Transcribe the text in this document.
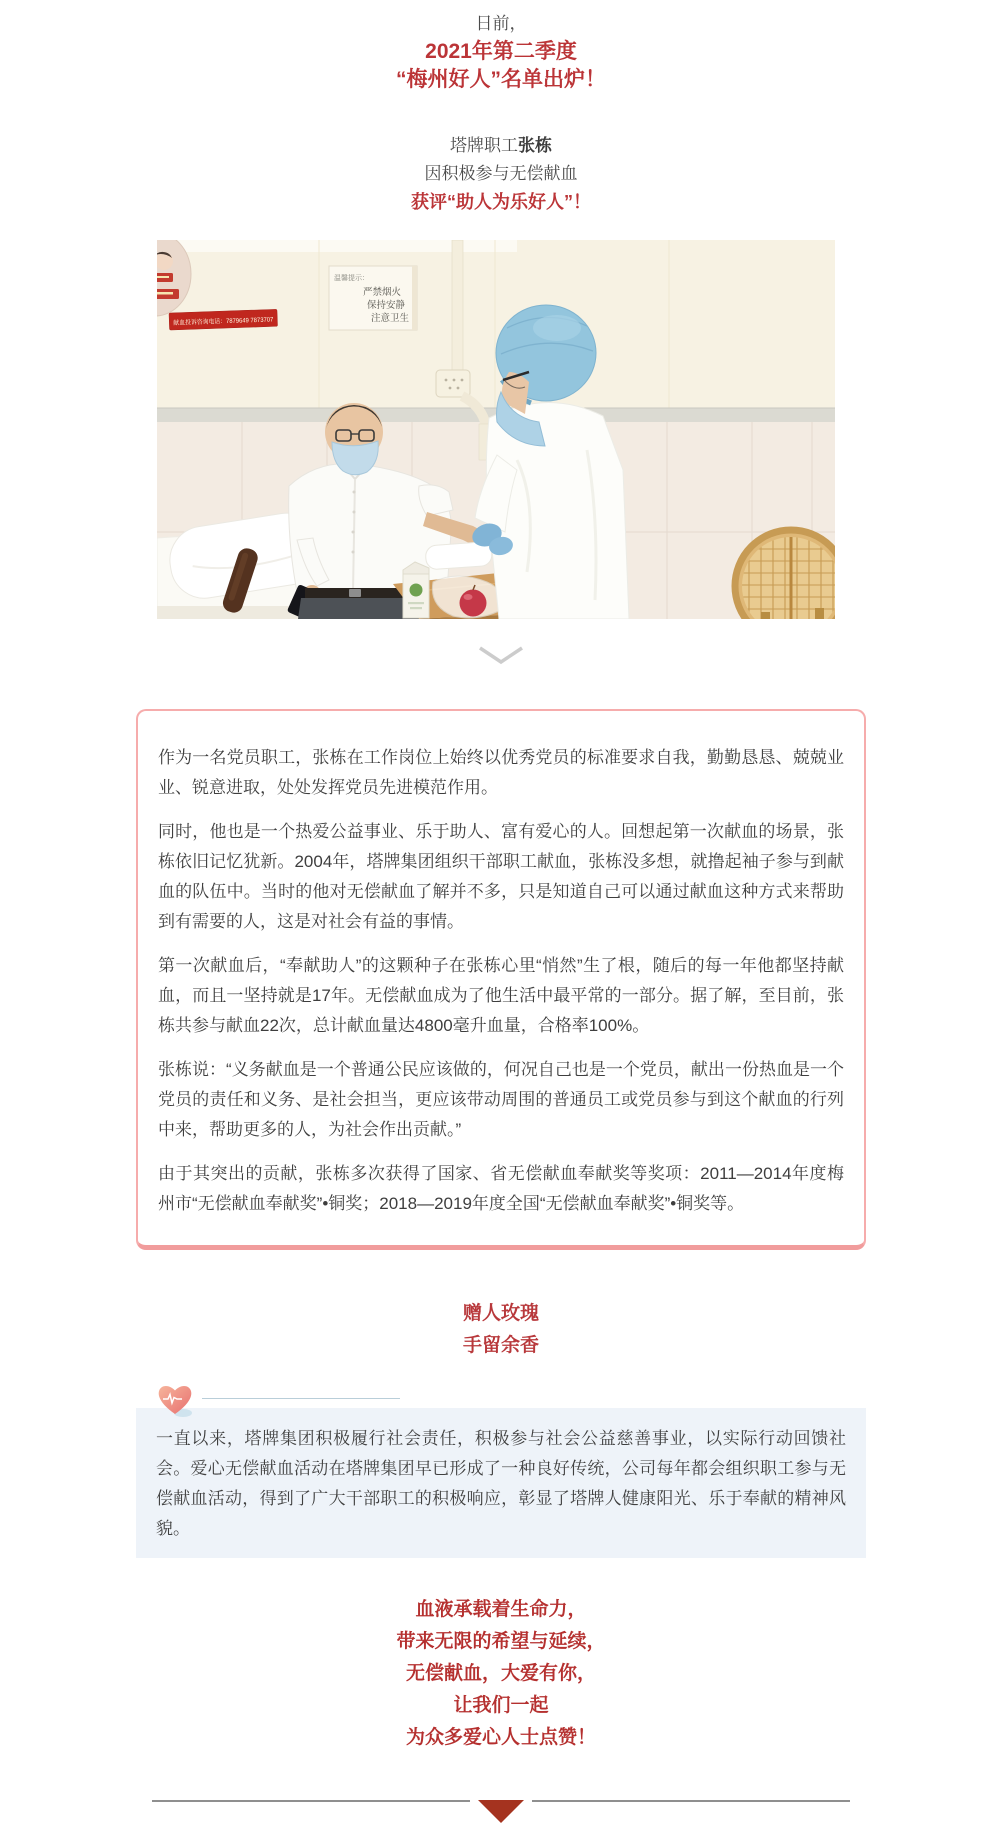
日前，
2021年第二季度
“梅州好人”名单出炉！
塔牌职工张栋
因积极参与无偿献血
获评“助人为乐好人”！
献血投诉咨询电话：7879649 7873707
温馨提示：
严禁烟火
保持安静
注意卫生

作为一名党员职工，张栋在工作岗位上始终以优秀党员的标准要求自我，勤勤恳恳、兢兢业业、锐意进取，处处发挥党员先进模范作用。

同时，他也是一个热爱公益事业、乐于助人、富有爱心的人。回想起第一次献血的场景，张栋依旧记忆犹新。2004年，塔牌集团组织干部职工献血，张栋没多想，就撸起袖子参与到献血的队伍中。当时的他对无偿献血了解并不多，只是知道自己可以通过献血这种方式来帮助到有需要的人，这是对社会有益的事情。

第一次献血后，“奉献助人”的这颗种子在张栋心里“悄然”生了根，随后的每一年他都坚持献血，而且一坚持就是17年。无偿献血成为了他生活中最平常的一部分。据了解，至目前，张栋共参与献血22次，总计献血量达4800毫升血量，合格率100%。

张栋说：“义务献血是一个普通公民应该做的，何况自己也是一个党员，献出一份热血是一个党员的责任和义务、是社会担当，更应该带动周围的普通员工或党员参与到这个献血的行列中来，帮助更多的人，为社会作出贡献。”

由于其突出的贡献，张栋多次获得了国家、省无偿献血奉献奖等奖项：2011—2014年度梅州市“无偿献血奉献奖”•铜奖；2018—2019年度全国“无偿献血奉献奖”•铜奖等。

赠人玫瑰
手留余香
一直以来，塔牌集团积极履行社会责任，积极参与社会公益慈善事业，以实际行动回馈社会。爱心无偿献血活动在塔牌集团早已形成了一种良好传统，公司每年都会组织职工参与无偿献血活动，得到了广大干部职工的积极响应，彰显了塔牌人健康阳光、乐于奉献的精神风貌。
血液承载着生命力，
带来无限的希望与延续，
无偿献血，大爱有你，
让我们一起
为众多爱心人士点赞！
